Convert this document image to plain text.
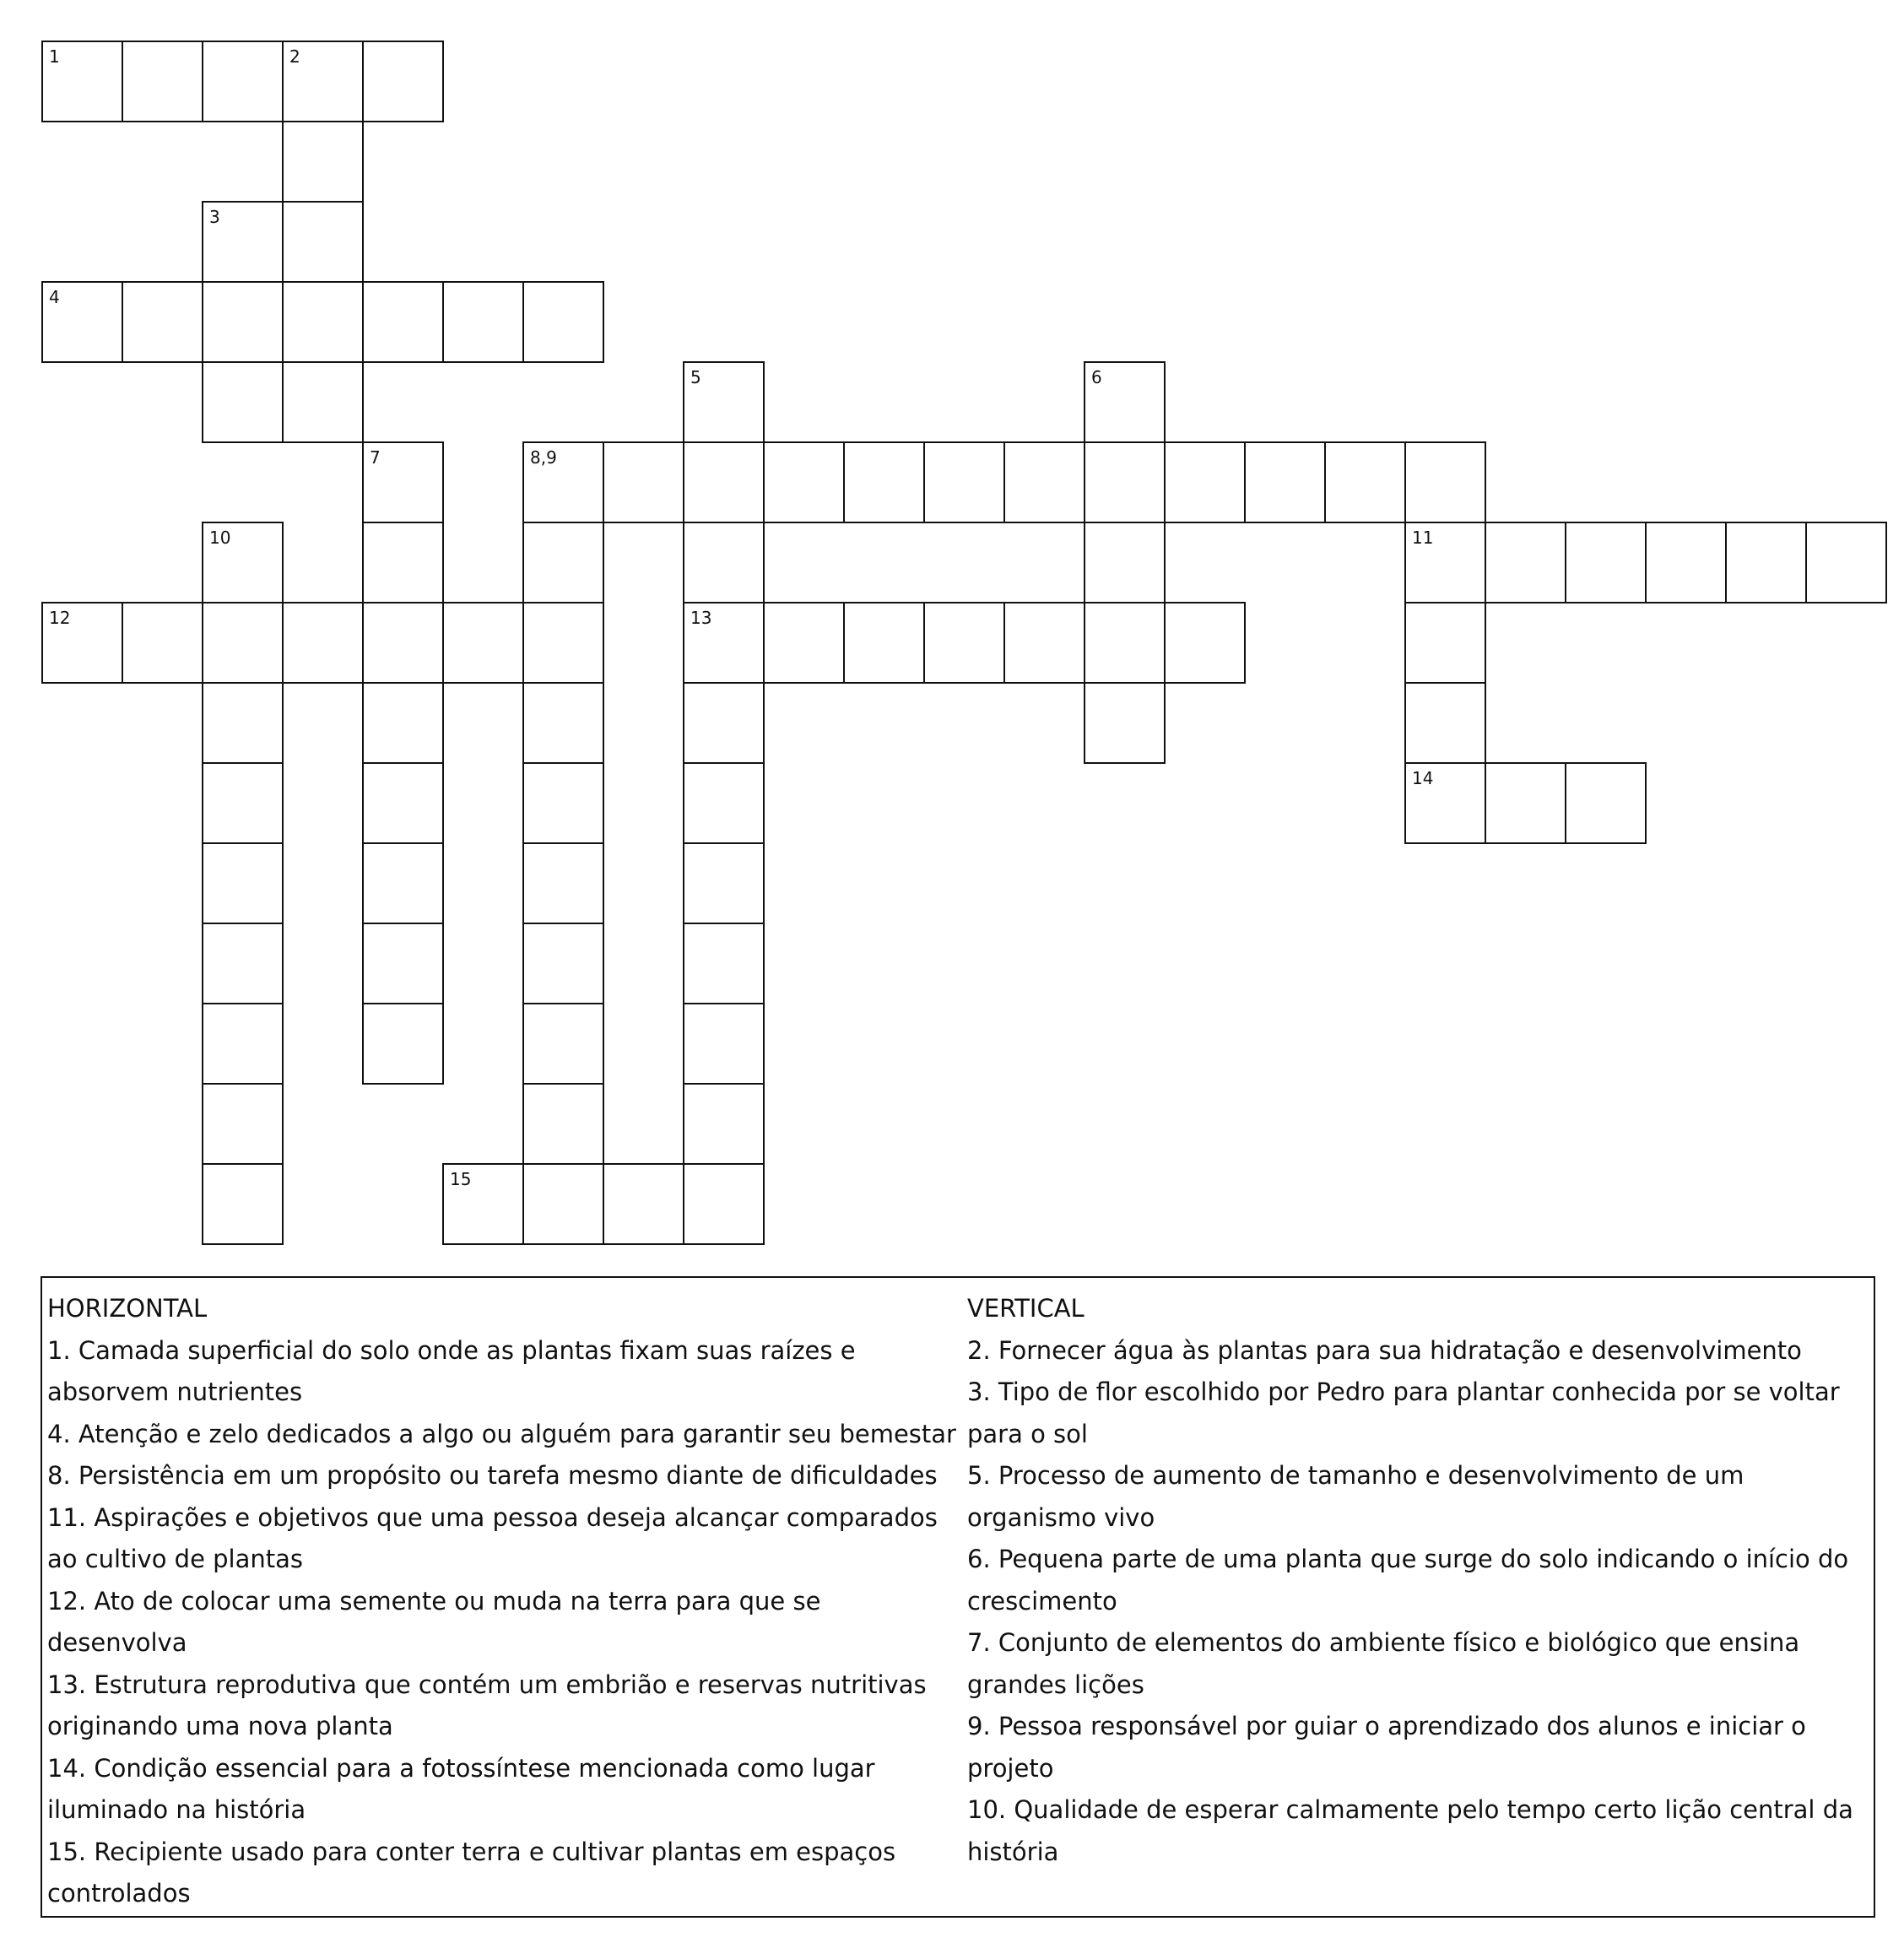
1	2
3
4
5	6
7	8,9
10	11
12	13
14
15
HORIZONTAL
1. Camada superficial do solo onde as plantas fixam suas raízes e absorvem nutrientes
4. Atenção e zelo dedicados a algo ou alguém para garantir seu bemestar
8. Persistência em um propósito ou tarefa mesmo diante de dificuldades
11. Aspirações e objetivos que uma pessoa deseja alcançar comparados ao cultivo de plantas
12. Ato de colocar uma semente ou muda na terra para que se desenvolva
13. Estrutura reprodutiva que contém um embrião e reservas nutritivas originando uma nova planta
14. Condição essencial para a fotossíntese mencionada como lugar iluminado na história
15. Recipiente usado para conter terra e cultivar plantas em espaços controlados
VERTICAL
2. Fornecer água às plantas para sua hidratação e desenvolvimento
3. Tipo de flor escolhido por Pedro para plantar conhecida por se voltar para o sol
5. Processo de aumento de tamanho e desenvolvimento de um organismo vivo
6. Pequena parte de uma planta que surge do solo indicando o início do crescimento
7. Conjunto de elementos do ambiente físico e biológico que ensina grandes lições
9. Pessoa responsável por guiar o aprendizado dos alunos e iniciar o projeto
10. Qualidade de esperar calmamente pelo tempo certo lição central da história
